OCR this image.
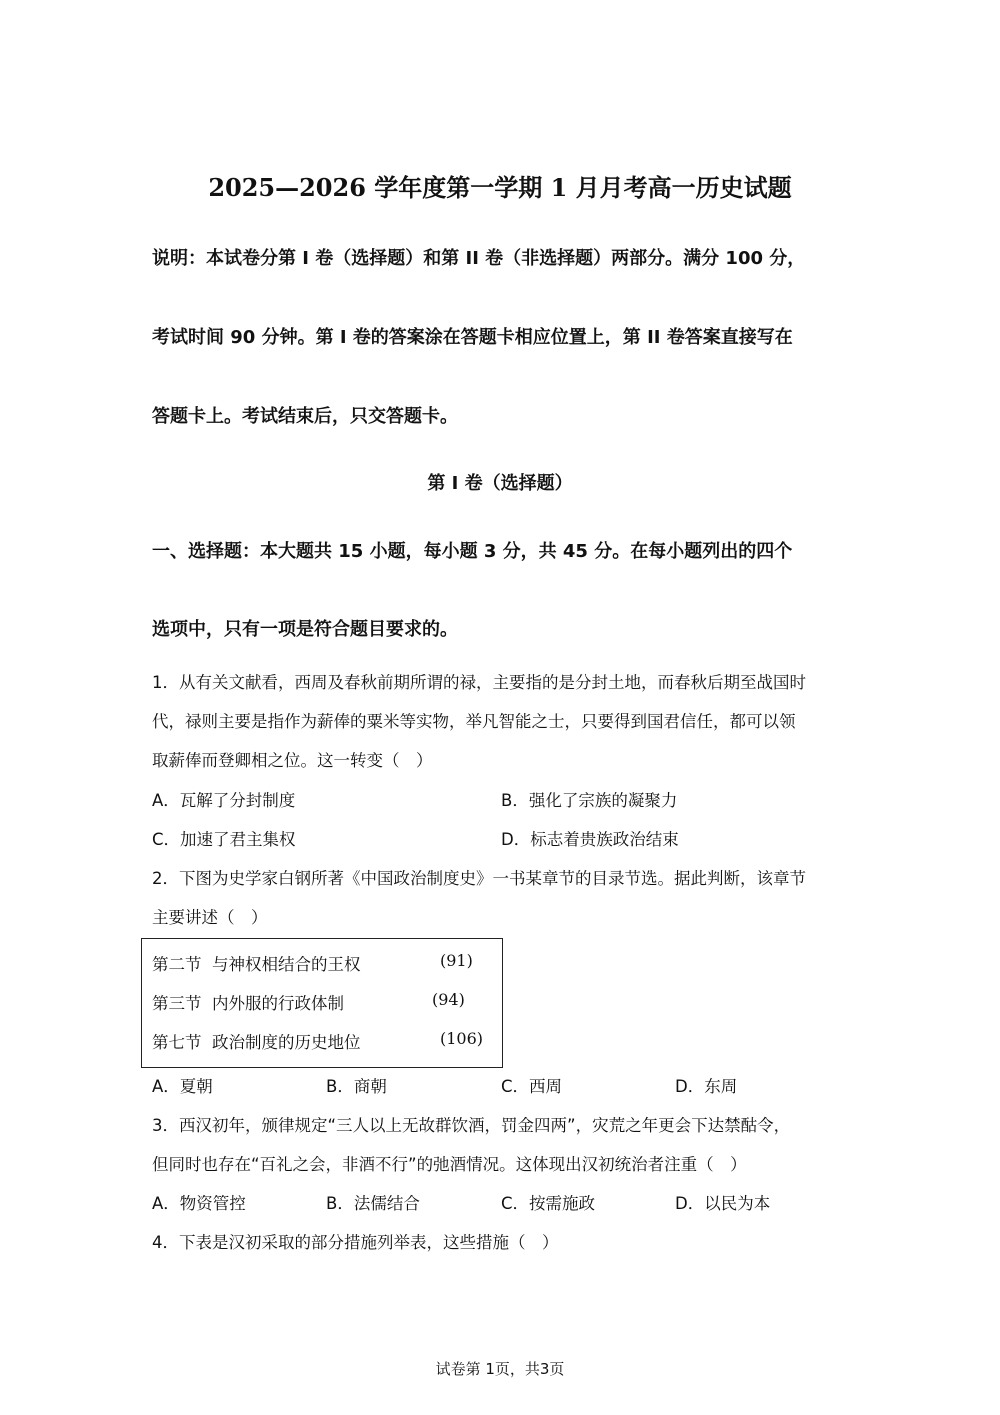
2025—2026 学年度第一学期 1 月月考高一历史试题
说明：本试卷分第 I 卷（选择题）和第 II 卷（非选择题）两部分。满分 100 分，
考试时间 90 分钟。第 I 卷的答案涂在答题卡相应位置上，第 II 卷答案直接写在
答题卡上。考试结束后，只交答题卡。
第 I 卷（选择题）
一、选择题：本大题共 15 小题，每小题 3 分，共 45 分。在每小题列出的四个
选项中，只有一项是符合题目要求的。
1．从有关文献看，西周及春秋前期所谓的禄，主要指的是分封土地，而春秋后期至战国时
代，禄则主要是指作为薪俸的粟米等实物，举凡智能之士，只要得到国君信任，都可以领
取薪俸而登卿相之位。这一转变（　）
A．瓦解了分封制度	B．强化了宗族的凝聚力
C．加速了君主集权	D．标志着贵族政治结束
2．下图为史学家白钢所著《中国政治制度史》一书某章节的目录节选。据此判断，该章节
主要讲述（　）
第二节 与神权相结合的王权	(91)
第三节 内外服的行政体制	(94)
第七节 政治制度的历史地位	(106)
A．夏朝	B．商朝	C．西周	D．东周
3．西汉初年，颁律规定“三人以上无故群饮酒，罚金四两”，灾荒之年更会下达禁酤令，
但同时也存在“百礼之会，非酒不行”的弛酒情况。这体现出汉初统治者注重（　）
A．物资管控	B．法儒结合	C．按需施政	D．以民为本
4．下表是汉初采取的部分措施列举表，这些措施（　）
试卷第 1页，共3页
